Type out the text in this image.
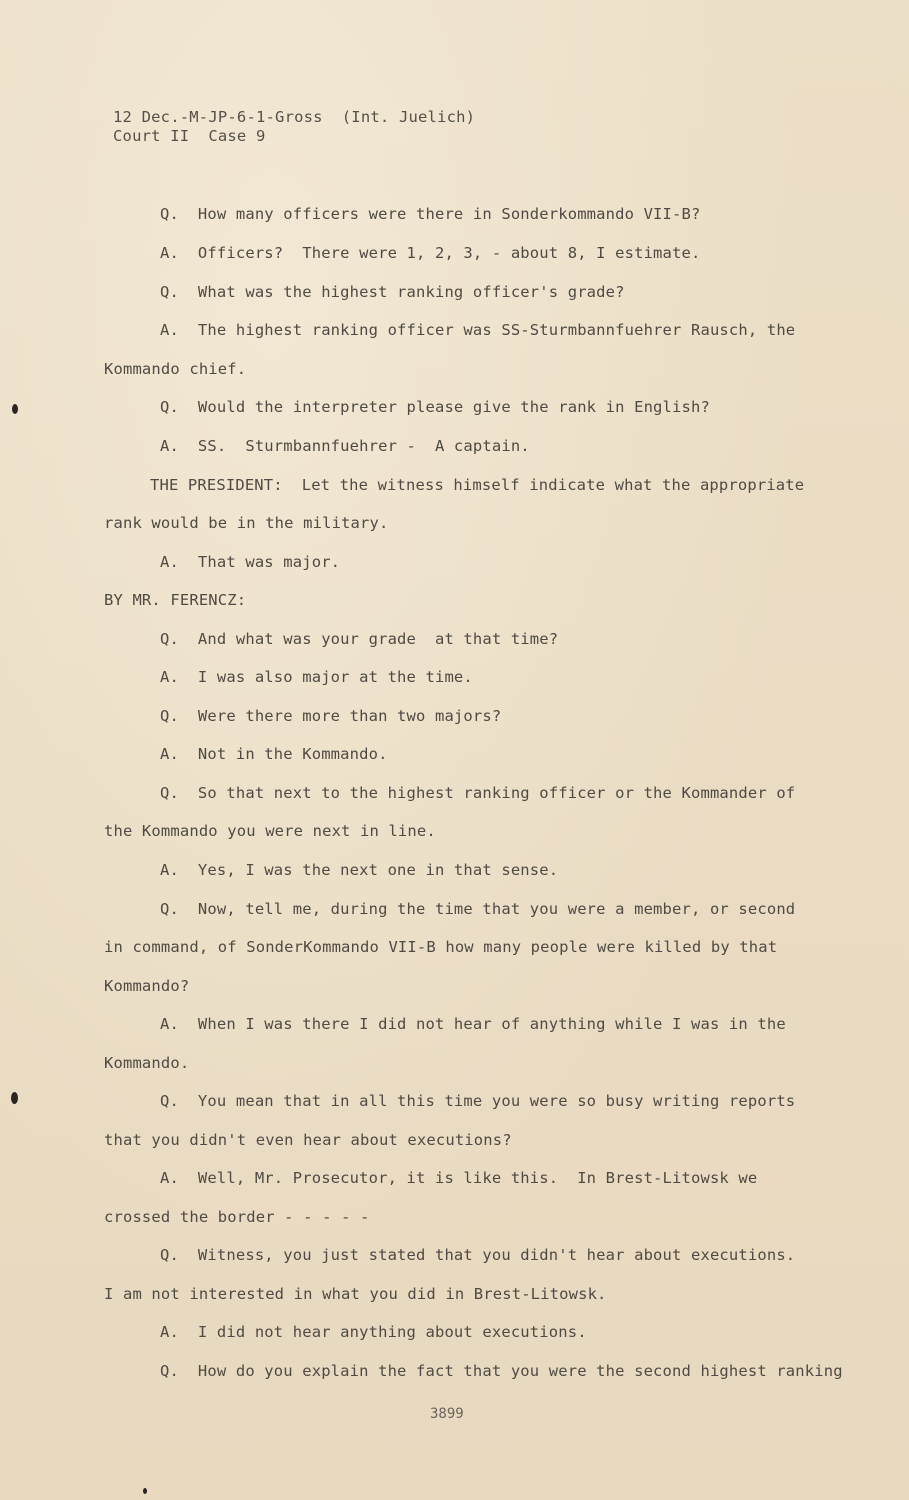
12 Dec.-M-JP-6-1-Gross  (Int. Juelich)
Court II  Case 9
Q.  How many officers were there in Sonderkommando VII-B?
A.  Officers?  There were 1, 2, 3, - about 8, I estimate.
Q.  What was the highest ranking officer's grade?
A.  The highest ranking officer was SS-Sturmbannfuehrer Rausch, the
Kommando chief.
Q.  Would the interpreter please give the rank in English?
A.  SS.  Sturmbannfuehrer -  A captain.
THE PRESIDENT:  Let the witness himself indicate what the appropriate
rank would be in the military.
A.  That was major.
BY MR. FERENCZ:
Q.  And what was your grade  at that time?
A.  I was also major at the time.
Q.  Were there more than two majors?
A.  Not in the Kommando.
Q.  So that next to the highest ranking officer or the Kommander of
the Kommando you were next in line.
A.  Yes, I was the next one in that sense.
Q.  Now, tell me, during the time that you were a member, or second
in command, of SonderKommando VII-B how many people were killed by that
Kommando?
A.  When I was there I did not hear of anything while I was in the
Kommando.
Q.  You mean that in all this time you were so busy writing reports
that you didn't even hear about executions?
A.  Well, Mr. Prosecutor, it is like this.  In Brest-Litowsk we
crossed the border - - - - -
Q.  Witness, you just stated that you didn't hear about executions.
I am not interested in what you did in Brest-Litowsk.
A.  I did not hear anything about executions.
Q.  How do you explain the fact that you were the second highest ranking
3899
